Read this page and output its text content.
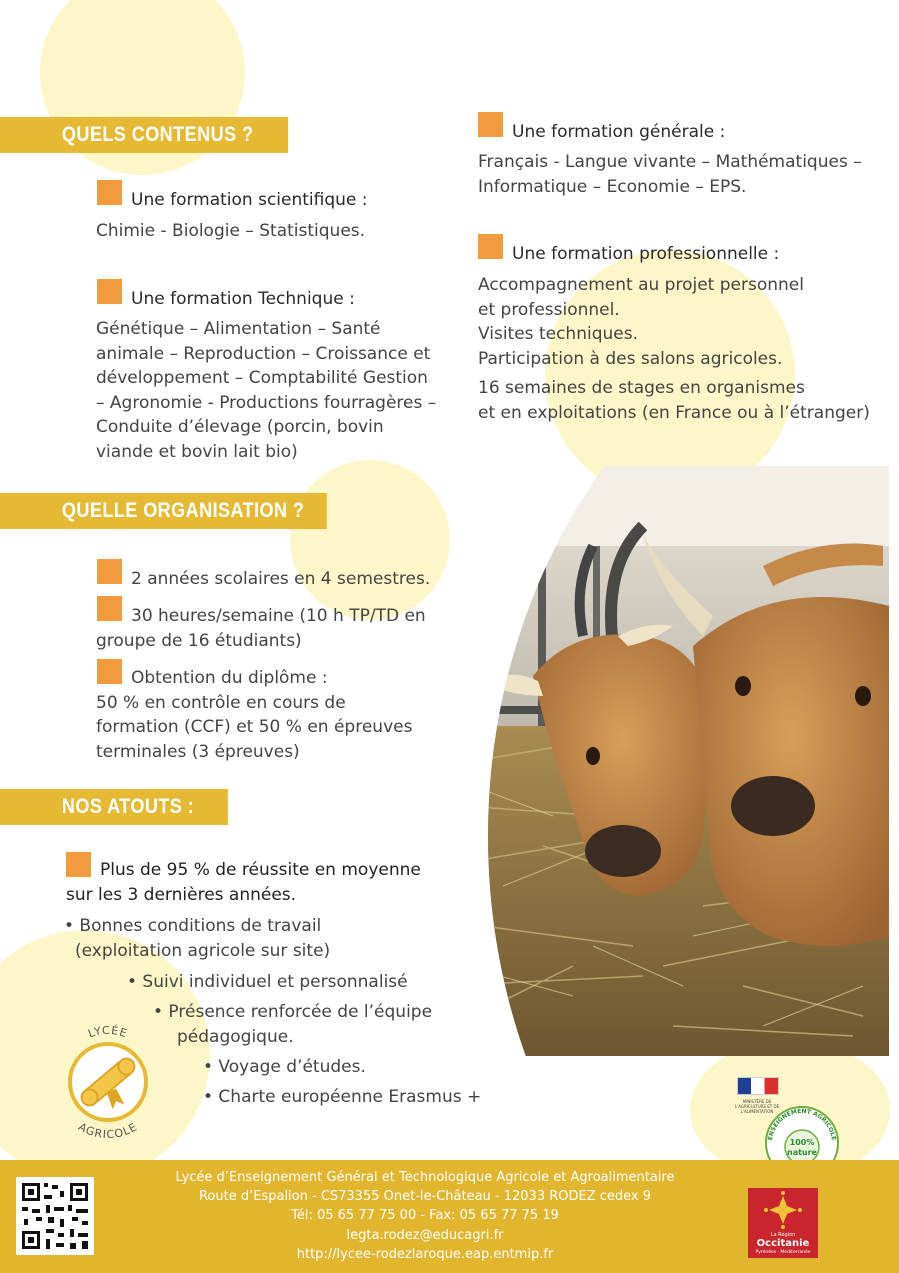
QUELS CONTENUS ?
Une formation scientifique :
Chimie - Biologie – Statistiques.
Une formation Technique :
Génétique – Alimentation – Santé
animale – Reproduction – Croissance et
développement – Comptabilité Gestion
– Agronomie - Productions fourragères –
Conduite d’élevage (porcin, bovin
viande et bovin lait bio)
QUELLE ORGANISATION ?
2 années scolaires en 4 semestres.
30 heures/semaine (10 h TP/TD en
groupe de 16 étudiants)
Obtention du diplôme :
50 % en contrôle en cours de
formation (CCF) et 50 % en épreuves
terminales (3 épreuves)
NOS ATOUTS :
Plus de 95 % de réussite en moyenne
sur les 3 dernières années.
• Bonnes conditions de travail
(exploitation agricole sur site)
• Suivi individuel et personnalisé
• Présence renforcée de l’équipe
pédagogique.
• Voyage d’études.
• Charte européenne Erasmus +
LYCÉE
AGRICOLE
Une formation générale :
Français - Langue vivante – Mathématiques –
Informatique – Economie – EPS.
Une formation professionnelle :
Accompagnement au projet personnel
et professionnel.
Visites techniques.
Participation à des salons agricoles.
16 semaines de stages en organismes
et en exploitations (en France ou à l’étranger)
MINISTÈRE DE L'AGRICULTURE ET DE L'ALIMENTATION
ENSEIGNEMENT AGRICOLE
100%
nature
Lycée d’Enseignement Général et Technologique Agricole et Agroalimentaire
Route d’Espalion - CS73355 Onet-le-Château - 12033 RODEZ cedex 9
Tél: 05 65 77 75 00 - Fax: 05 65 77 75 19
legta.rodez@educagri.fr
http://lycee-rodezlaroque.eap.entmip.fr
La Région
Occitanie
Pyrénées · Méditerranée
